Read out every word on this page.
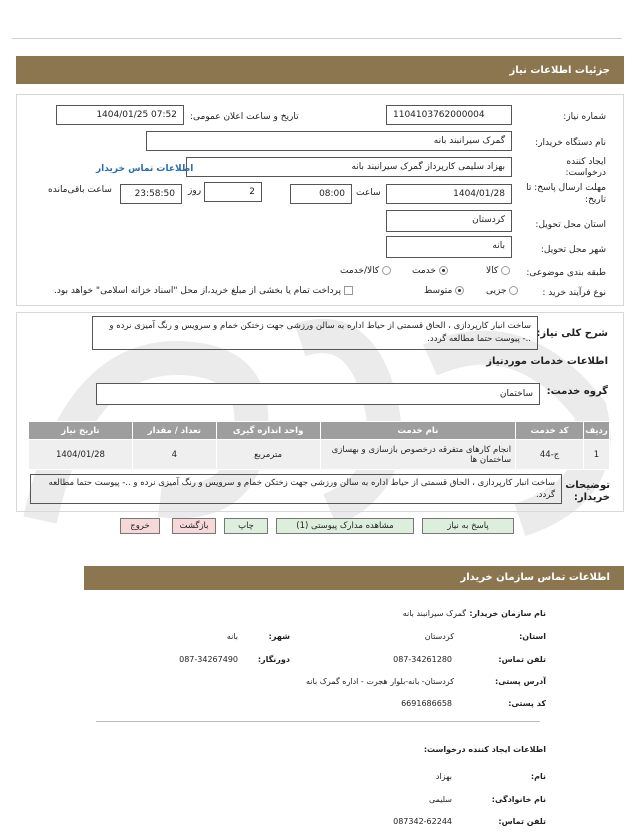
جزئیات اطلاعات نیاز
شماره نیاز:
1104103762000004
تاریخ و ساعت اعلان عمومی:
1404/01/25 07:52
نام دستگاه خریدار:
گمرک سیرانبند بانه
ایجاد کننده
درخواست:
بهزاد سلیمی کارپرداز گمرک سیرانبند بانه
اطلاعات تماس خریدار
مهلت ارسال پاسخ: تا
تاریخ:
1404/01/28
ساعت
08:00
2
روز
23:58:50
ساعت باقی‌مانده
استان محل تحویل:
کردستان
شهر محل تحویل:
بانه
طبقه بندی موضوعی:
کالا
خدمت
کالا/خدمت
نوع فرآیند خرید :
جزیی
متوسط
پرداخت تمام یا بخشی از مبلغ خرید،از محل "اسناد خزانه اسلامی" خواهد بود.
شرح کلی نیاز:
ساخت انبار کارپردازی ، الحاق قسمتی از حیاط اداره به سالن ورزشی جهت زختکن خمام و سرویس و رنگ آمیزی نرده و ..- پیوست حتما مطالعه گردد.
اطلاعات خدمات موردنیاز
گروه خدمت:
ساختمان
ردیف	کد خدمت	نام خدمت	واحد اندازه گیری	تعداد / مقدار	تاریخ نیاز
1	ج-44	انجام کارهای متفرقه درخصوص بازسازی و بهسازی ساختمان ها	مترمربع	4	1404/01/28
توضیحات
خریدار:
ساخت انبار کارپردازی ، الحاق قسمتی از حیاط اداره به سالن ورزشی جهت زختکن خمام و سرویس و رنگ آمیزی نرده و ..- پیوست حتما مطالعه گردد.
پاسخ به نیاز
مشاهده مدارک پیوستی (1)
چاپ
بازگشت
خروج
اطلاعات تماس سازمان خریدار
نام سازمان خریدار:
گمرک سیرانبند بانه
استان:
کردستان
شهر:
بانه
تلفن تماس:
087-34261280
دورنگار:
087-34267490
آدرس پستی:
کردستان- بانه-بلوار هجرت - اداره گمرک بانه
کد پستی:
6691686658
اطلاعات ایجاد کننده درخواست:
نام:
بهزاد
نام خانوادگی:
سلیمی
تلفن تماس:
087342-62244
